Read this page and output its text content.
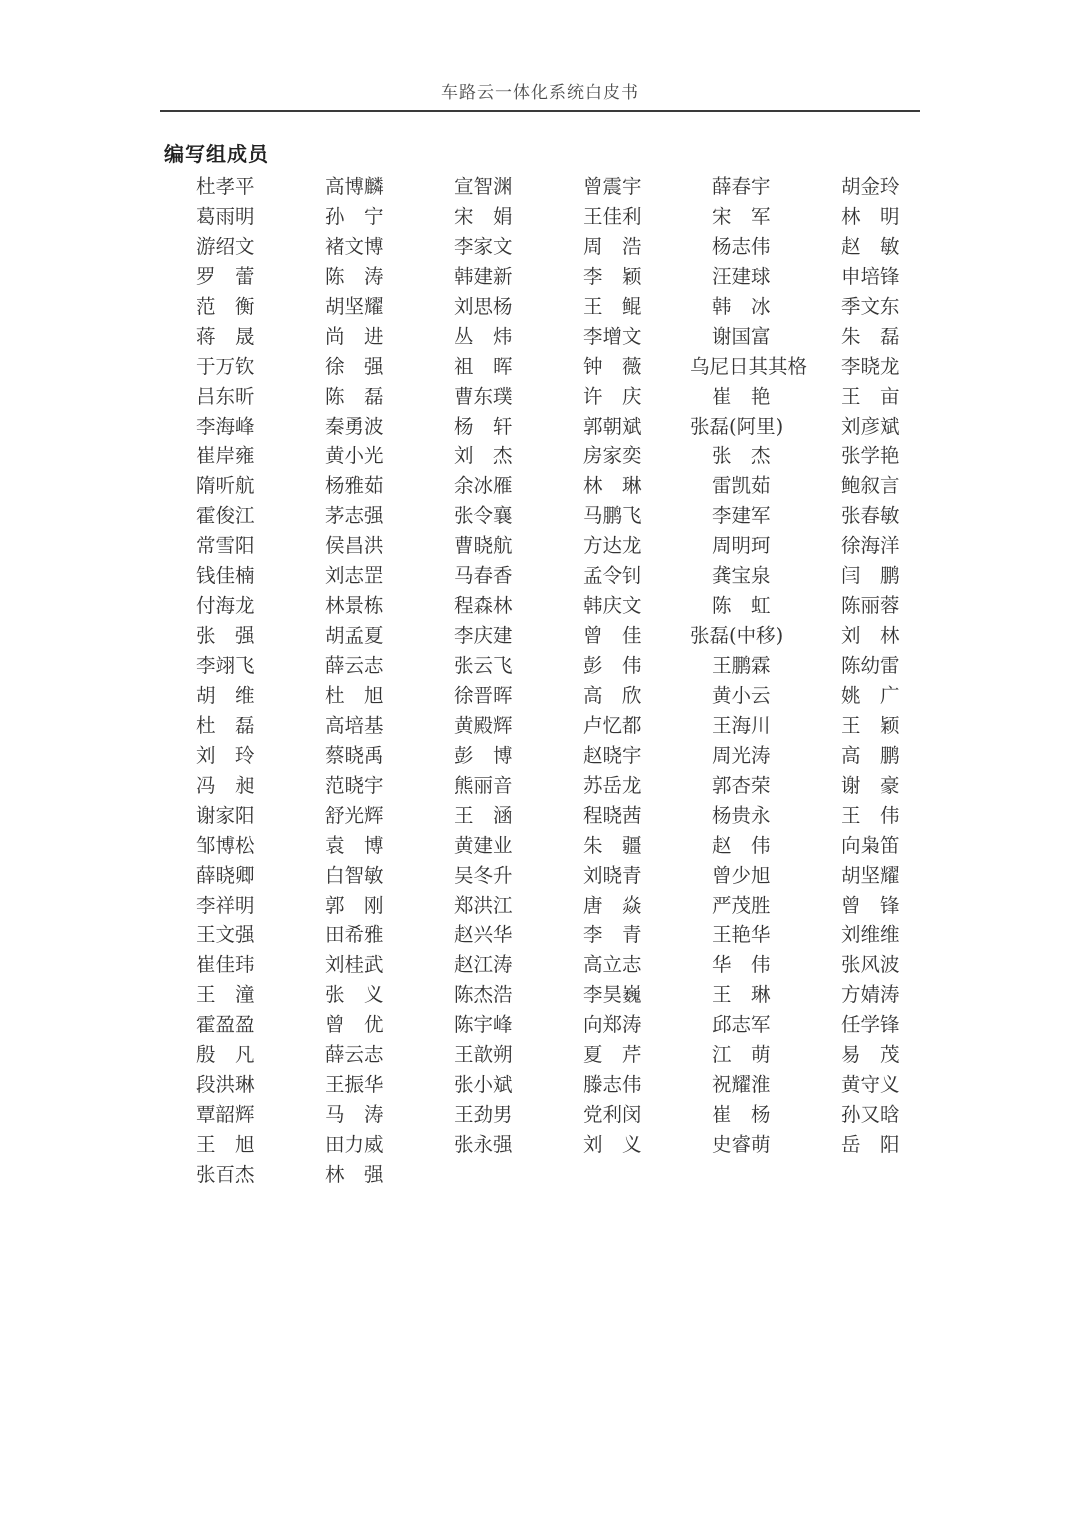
车路云一体化系统白皮书
编写组成员
杜孝平	高博麟	宣智渊	曾震宇	薛春宇	胡金玲
葛雨明	孙　宁	宋　娟	王佳利	宋　军	林　明
游绍文	褚文博	李家文	周　浩	杨志伟	赵　敏
罗　蕾	陈　涛	韩建新	李　颖	汪建球	申培锋
范　衡	胡坚耀	刘思杨	王　鲲	韩　冰	季文东
蒋　晟	尚　进	丛　炜	李增文	谢国富	朱　磊
于万钦	徐　强	祖　晖	钟　薇	乌尼日其其格	李晓龙
吕东昕	陈　磊	曹东璞	许　庆	崔　艳	王　亩
李海峰	秦勇波	杨　轩	郭朝斌	张磊(阿里)	刘彦斌
崔岸雍	黄小光	刘　杰	房家奕	张　杰	张学艳
隋听航	杨雅茹	余冰雁	林　琳	雷凯茹	鲍叙言
霍俊江	茅志强	张令襄	马鹏飞	李建军	张春敏
常雪阳	侯昌洪	曹晓航	方达龙	周明珂	徐海洋
钱佳楠	刘志罡	马春香	孟令钊	龚宝泉	闫　鹏
付海龙	林景栋	程森林	韩庆文	陈　虹	陈丽蓉
张　强	胡孟夏	李庆建	曾　佳	张磊(中移)	刘　林
李翊飞	薛云志	张云飞	彭　伟	王鹏霖	陈幼雷
胡　维	杜　旭	徐晋晖	高　欣	黄小云	姚　广
杜　磊	高培基	黄殿辉	卢忆都	王海川	王　颖
刘　玲	蔡晓禹	彭　博	赵晓宇	周光涛	高　鹏
冯　昶	范晓宇	熊丽音	苏岳龙	郭杏荣	谢　豪
谢家阳	舒光辉	王　涵	程晓茜	杨贵永	王　伟
邹博松	袁　博	黄建业	朱　疆	赵　伟	向枭笛
薛晓卿	白智敏	吴冬升	刘晓青	曾少旭	胡坚耀
李祥明	郭　刚	郑洪江	唐　焱	严茂胜	曾　锋
王文强	田希雅	赵兴华	李　青	王艳华	刘维维
崔佳玮	刘桂武	赵江涛	高立志	华　伟	张风波
王　潼	张　义	陈杰浩	李昊巍	王　琳	方婧涛
霍盈盈	曾　优	陈宇峰	向郑涛	邱志军	任学锋
殷　凡	薛云志	王歆朔	夏　芹	江　萌	易　茂
段洪琳	王振华	张小斌	滕志伟	祝耀淮	黄守义
覃韶辉	马　涛	王劲男	党利闵	崔　杨	孙又晗
王　旭	田力威	张永强	刘　义	史睿萌	岳　阳
张百杰	林　强
